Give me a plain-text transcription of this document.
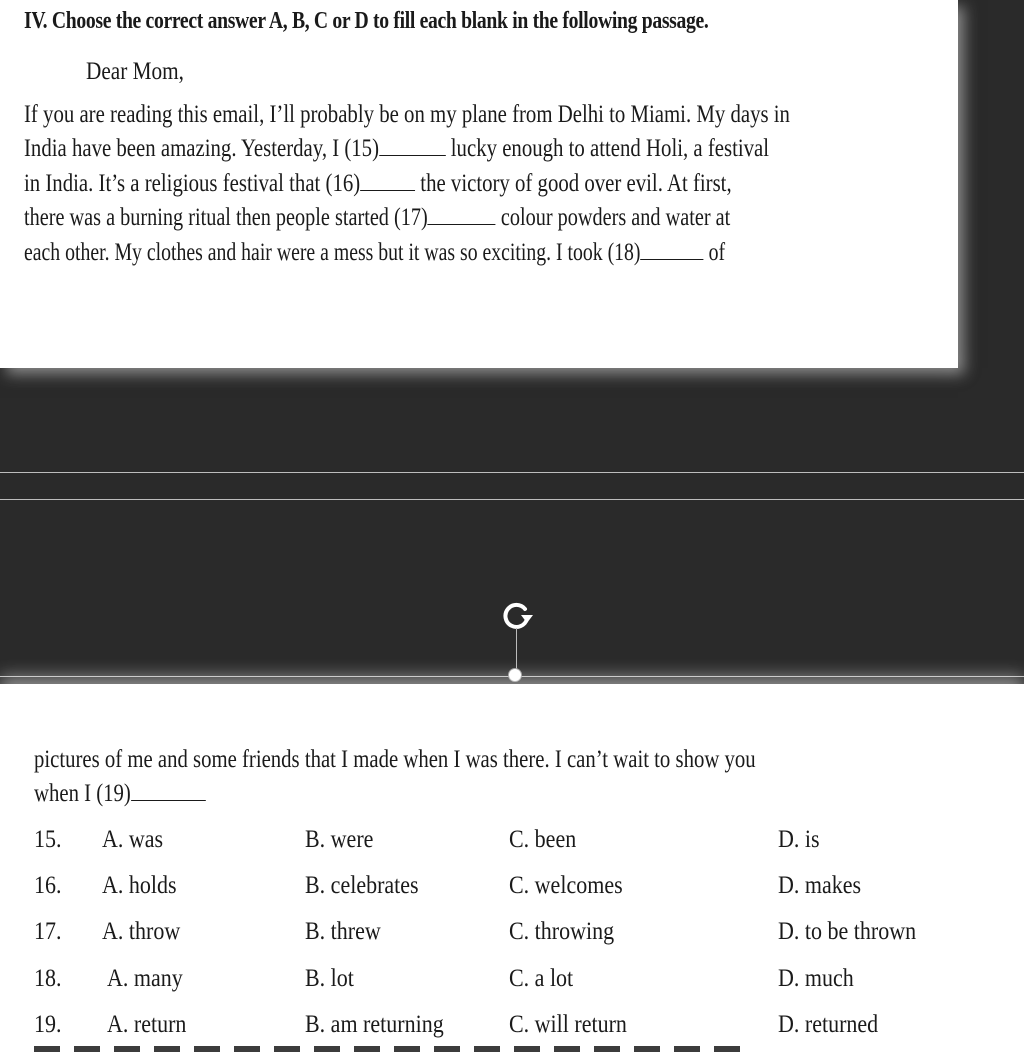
IV. Choose the correct answer A, B, C or D to fill each blank in the following passage.
Dear Mom,
If you are reading this email, I’ll probably be on my plane from Delhi to Miami. My days in
India have been amazing. Yesterday, I (15)	lucky enough to attend Holi, a festival
in India. It’s a religious festival that (16) the victory of good over evil. At first,
there was a burning ritual then people started (17)	colour powders and water at
each other. My clothes and hair were a mess but it was so exciting. I took (18)	of
pictures of me and some friends that I made when I was there. I can’t wait to show you
when I (19)
15. A. was	B. were	C. been	D. is
16. A. holds	B. celebrates	C. welcomes	D. makes
17. A. throw	B. threw	C. throwing	D. to be thrown
18. A. many	B. lot	C. a lot	D. much
19. A. return	B. am returning	C. will return	D. returned
